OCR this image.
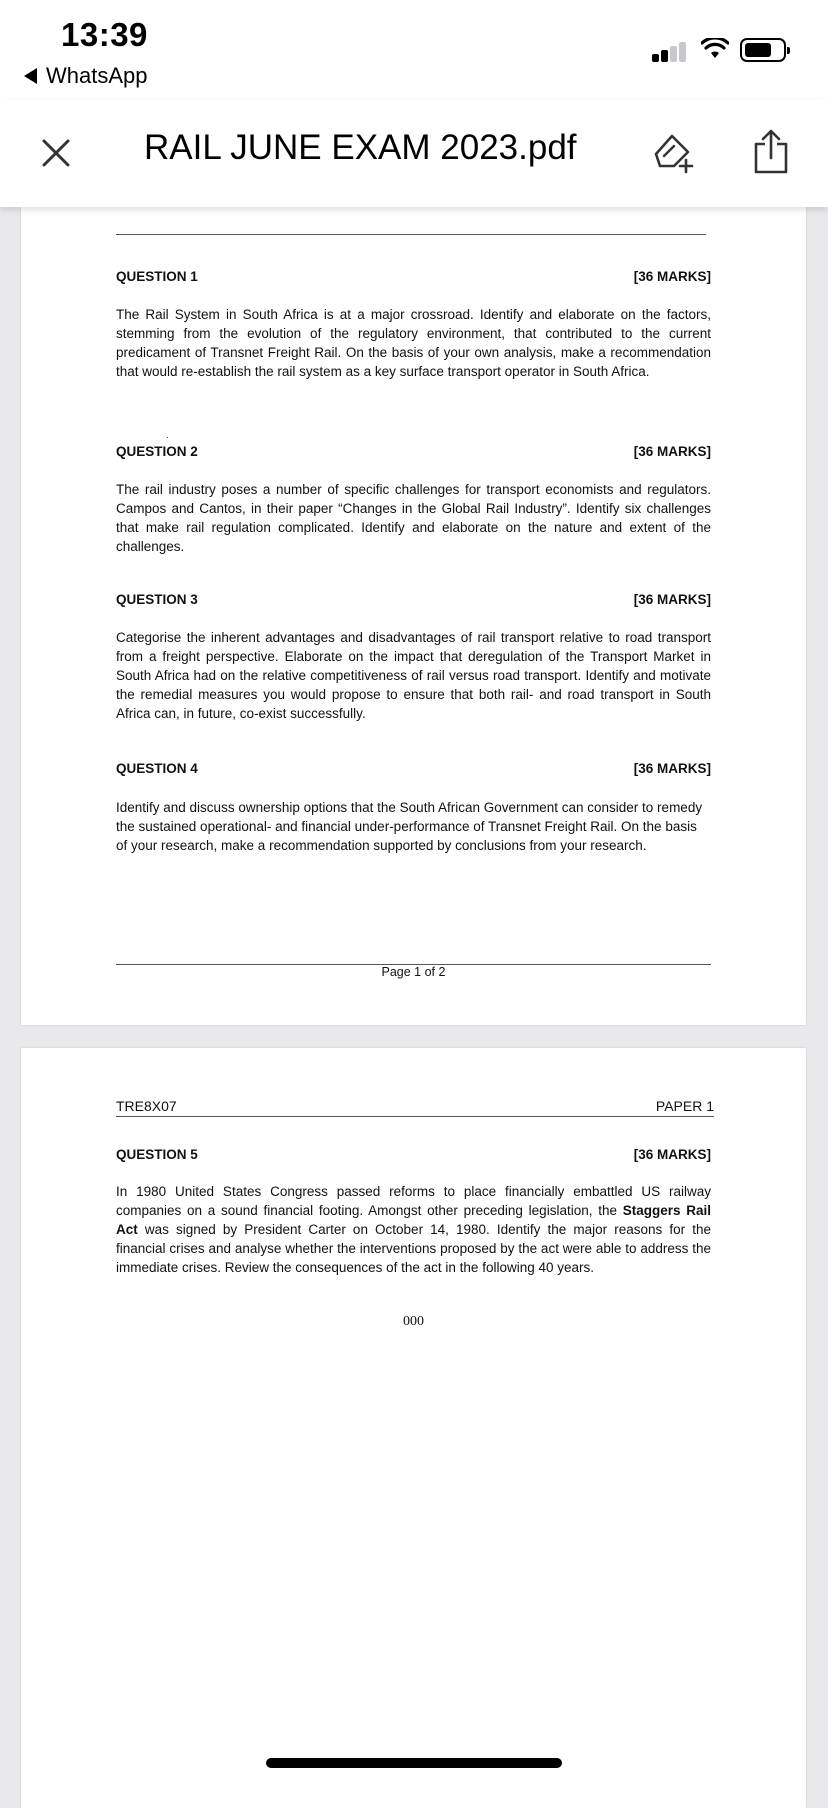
13:39
WhatsApp
RAIL JUNE EXAM 2023.pdf
QUESTION 1	[36 MARKS]
The Rail System in South Africa is at a major crossroad. Identify and elaborate on the factors, stemming from the evolution of the regulatory environment, that contributed to the current predicament of Transnet Freight Rail. On the basis of your own analysis, make a recommendation that would re-establish the rail system as a key surface transport operator in South Africa.
.
QUESTION 2	[36 MARKS]
The rail industry poses a number of specific challenges for transport economists and regulators. Campos and Cantos, in their paper “Changes in the Global Rail Industry”. Identify six challenges that make rail regulation complicated. Identify and elaborate on the nature and extent of the challenges.
QUESTION 3	[36 MARKS]
Categorise the inherent advantages and disadvantages of rail transport relative to road transport from a freight perspective. Elaborate on the impact that deregulation of the Transport Market in South Africa had on the relative competitiveness of rail versus road transport. Identify and motivate the remedial measures you would propose to ensure that both rail- and road transport in South Africa can, in future, co-exist successfully.
QUESTION 4	[36 MARKS]
Identify and discuss ownership options that the South African Government can consider to remedy the sustained operational- and financial under-performance of Transnet Freight Rail. On the basis of your research, make a recommendation supported by conclusions from your research.
Page 1 of 2
TRE8X07	PAPER 1
QUESTION 5	[36 MARKS]
In 1980 United States Congress passed reforms to place financially embattled US railway companies on a sound financial footing. Amongst other preceding legislation, the Staggers Rail Act was signed by President Carter on October 14, 1980. Identify the major reasons for the financial crises and analyse whether the interventions proposed by the act were able to address the immediate crises. Review the consequences of the act in the following 40 years.
000
